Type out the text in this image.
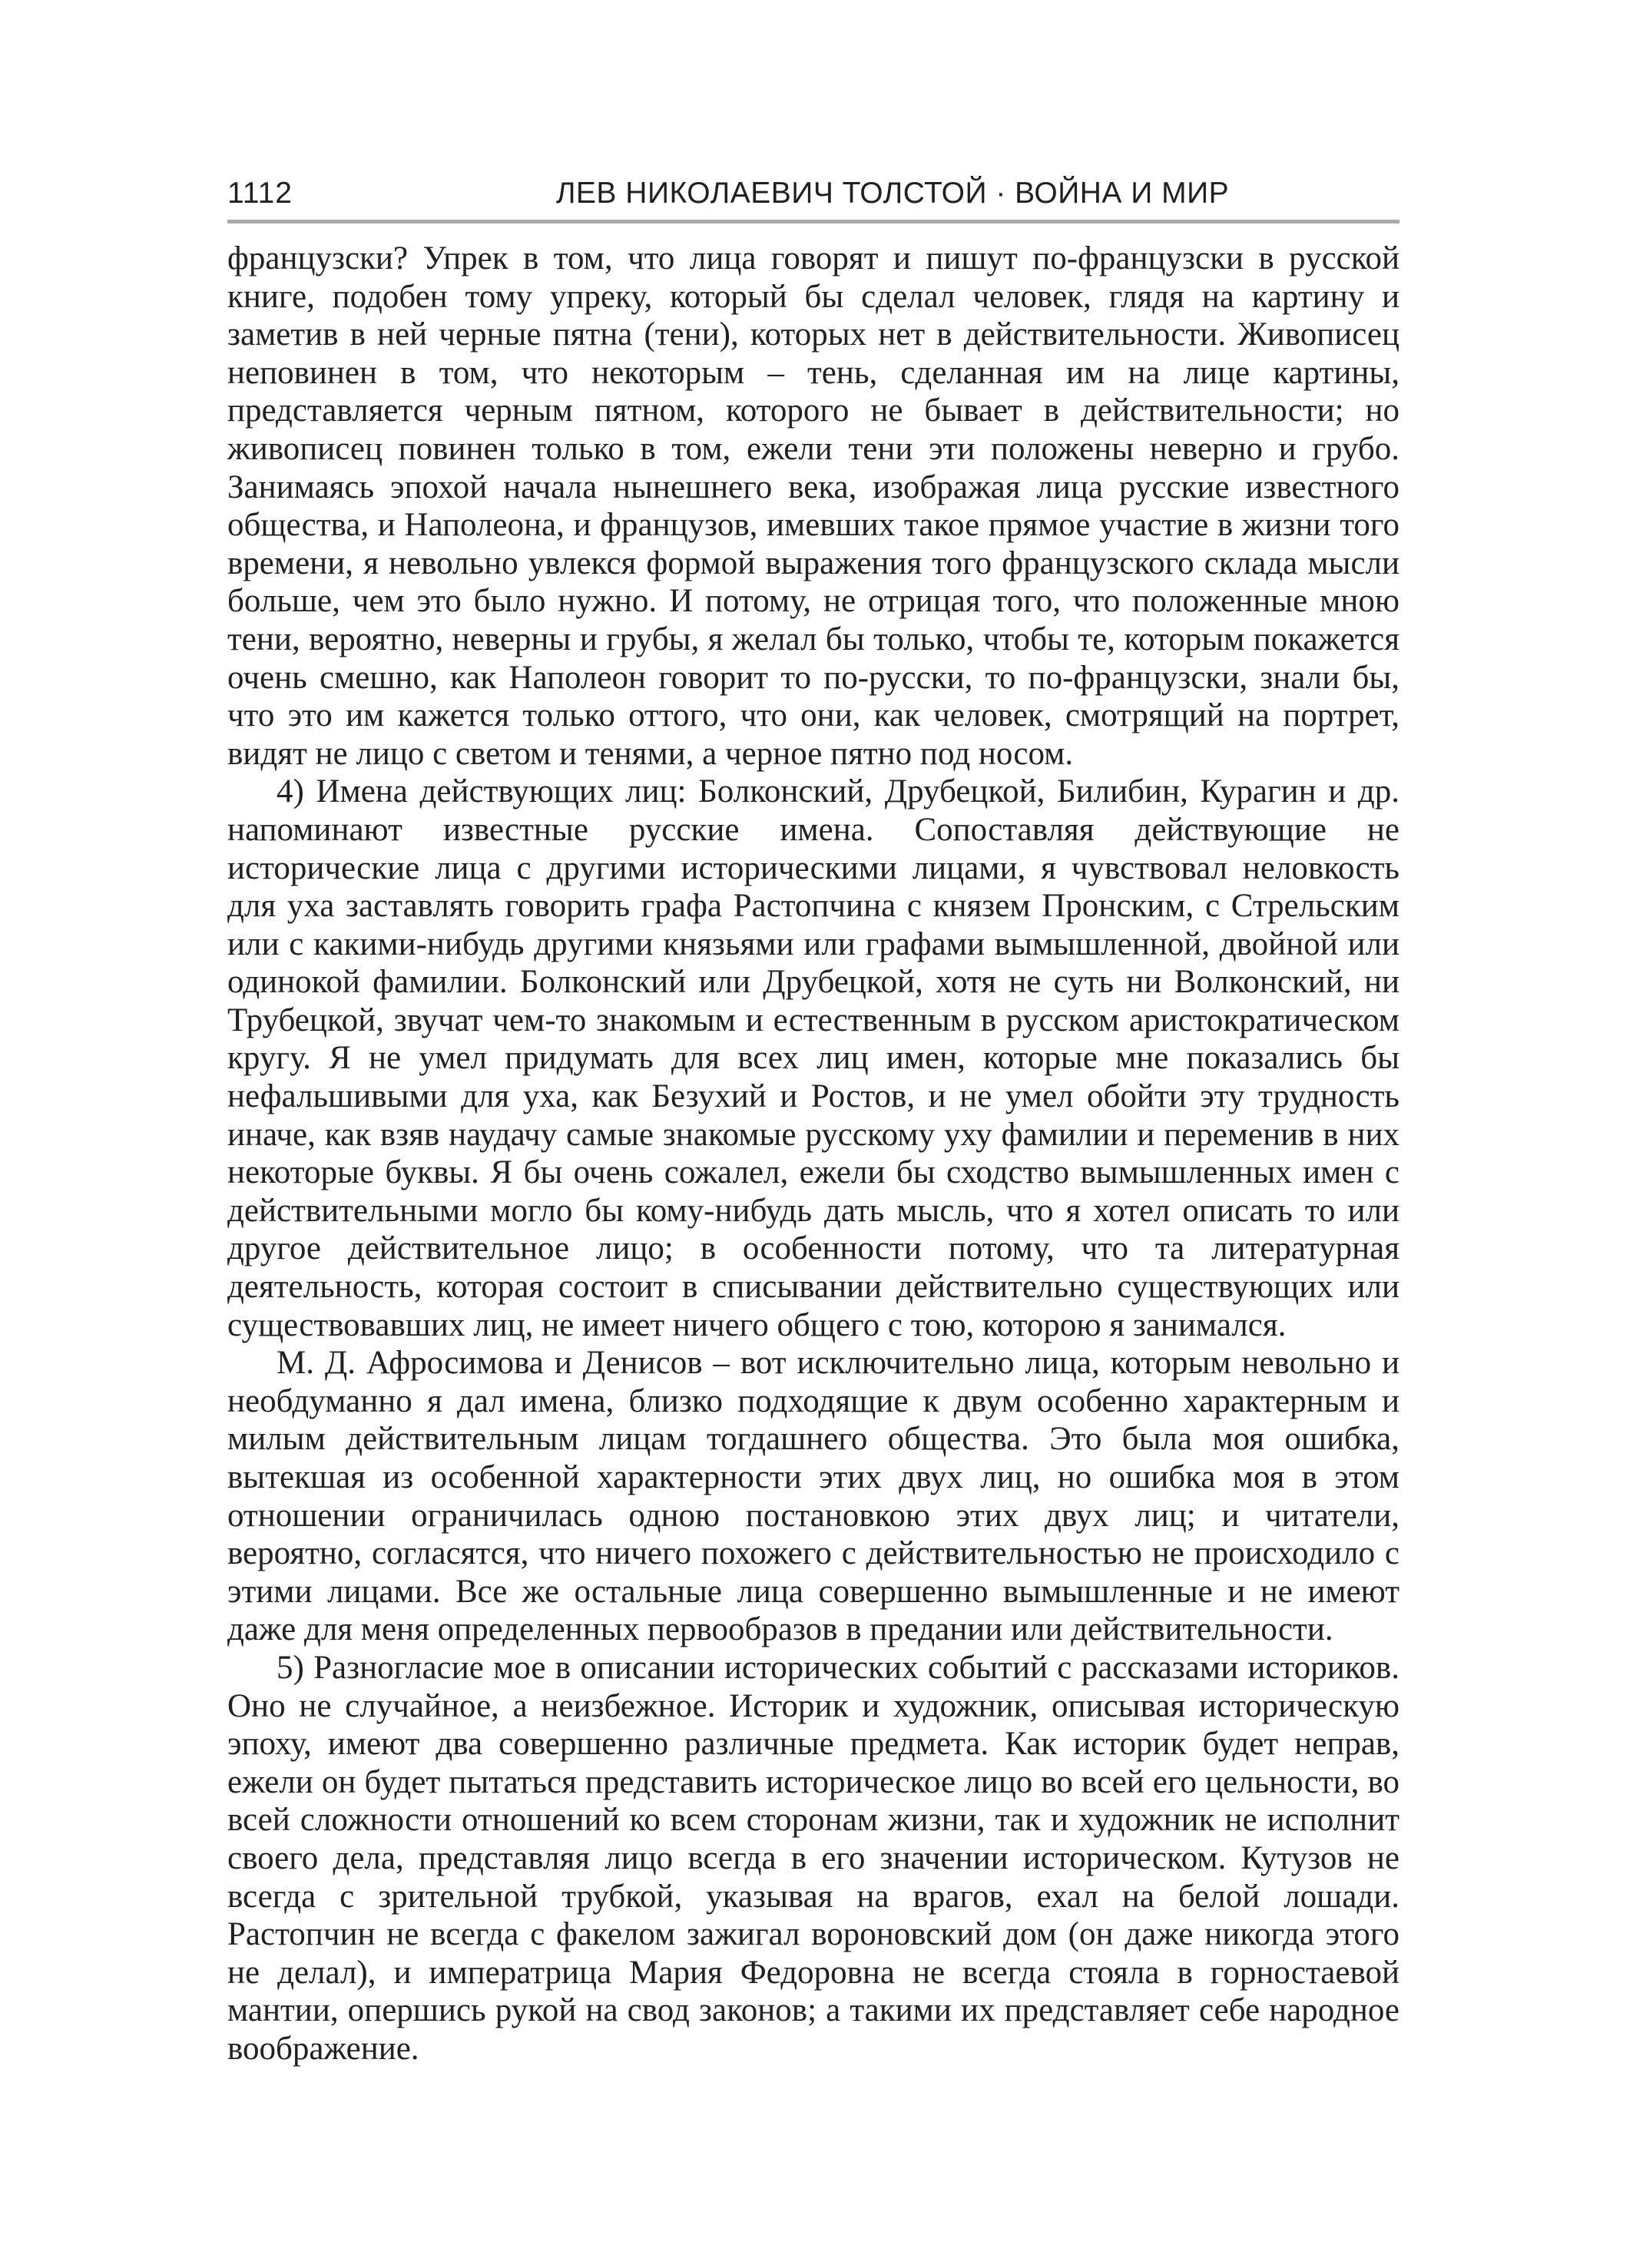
1112	ЛЕВ НИКОЛАЕВИЧ ТОЛСТОЙ · ВОЙНА И МИР

французски? Упрек в том, что лица говорят и пишут по-французски в русской книге, подобен тому упреку, который бы сделал человек, глядя на картину и заметив в ней черные пятна (тени), которых нет в действительности. Живописец неповинен в том, что некоторым – тень, сделанная им на лице картины, представляется черным пятном, которого не бывает в действительности; но живописец повинен только в том, ежели тени эти положены неверно и грубо. Занимаясь эпохой начала нынешнего века, изображая лица русские известного общества, и Наполеона, и французов, имевших такое прямое участие в жизни того времени, я невольно увлекся формой выражения того французского склада мысли больше, чем это было нужно. И потому, не отрицая того, что положенные мною тени, вероятно, неверны и грубы, я желал бы только, чтобы те, которым покажется очень смешно, как Наполеон говорит то по-русски, то по-французски, знали бы, что это им кажется только оттого, что они, как человек, смотрящий на портрет, видят не лицо с светом и тенями, а черное пятно под носом.

4) Имена действующих лиц: Болконский, Друбецкой, Билибин, Курагин и др. напоминают известные русские имена. Сопоставляя действующие не исторические лица с другими историческими лицами, я чувствовал неловкость для уха заставлять говорить графа Растопчина с князем Пронским, с Стрельским или с какими-нибудь другими князьями или графами вымышленной, двойной или одинокой фамилии. Болконский или Друбецкой, хотя не суть ни Волконский, ни Трубецкой, звучат чем-то знакомым и естественным в русском аристократическом кругу. Я не умел придумать для всех лиц имен, которые мне показались бы нефальшивыми для уха, как Безухий и Ростов, и не умел обойти эту трудность иначе, как взяв наудачу самые знакомые русскому уху фамилии и переменив в них некоторые буквы. Я бы очень сожалел, ежели бы сходство вымышленных имен с действительными могло бы кому-нибудь дать мысль, что я хотел описать то или другое действительное лицо; в особенности потому, что та литературная деятельность, которая состоит в списывании действительно существующих или существовавших лиц, не имеет ничего общего с тою, которою я занимался.

М. Д. Афросимова и Денисов – вот исключительно лица, которым невольно и необдуманно я дал имена, близко подходящие к двум особенно характерным и милым действительным лицам тогдашнего общества. Это была моя ошибка, вытекшая из особенной характерности этих двух лиц, но ошибка моя в этом отношении ограничилась одною постановкою этих двух лиц; и читатели, вероятно, согласятся, что ничего похожего с действительностью не происходило с этими лицами. Все же остальные лица совершенно вымышленные и не имеют даже для меня определенных первообразов в предании или действительности.

5) Разногласие мое в описании исторических событий с рассказами историков. Оно не случайное, а неизбежное. Историк и художник, описывая историческую эпоху, имеют два совершенно различные предмета. Как историк будет неправ, ежели он будет пытаться представить историческое лицо во всей его цельности, во всей сложности отношений ко всем сторонам жизни, так и художник не исполнит своего дела, представляя лицо всегда в его значении историческом. Кутузов не всегда с зрительной трубкой, указывая на врагов, ехал на белой лошади. Растопчин не всегда с факелом зажигал вороновский дом (он даже никогда этого не делал), и императрица Мария Федоровна не всегда стояла в горностаевой мантии, опершись рукой на свод законов; а такими их представляет себе народное воображение.
